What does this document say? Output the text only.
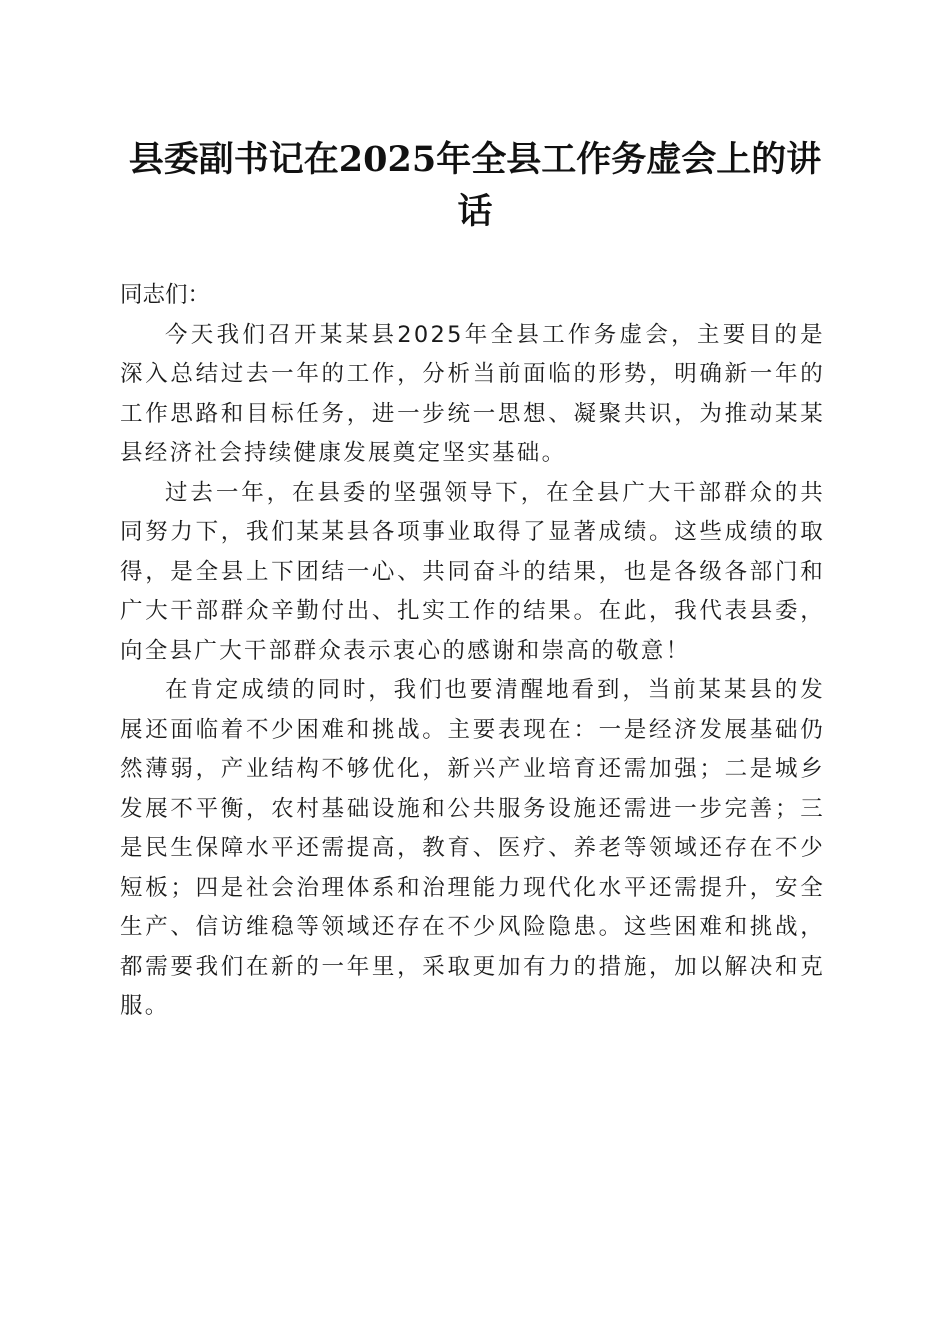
县委副书记在2025年全县工作务虚会上的讲话

同志们：

今天我们召开某某县2025年全县工作务虚会，主要目的是深入总结过去一年的工作，分析当前面临的形势，明确新一年的工作思路和目标任务，进一步统一思想、凝聚共识，为推动某某县经济社会持续健康发展奠定坚实基础。

过去一年，在县委的坚强领导下，在全县广大干部群众的共同努力下，我们某某县各项事业取得了显著成绩。这些成绩的取得，是全县上下团结一心、共同奋斗的结果，也是各级各部门和广大干部群众辛勤付出、扎实工作的结果。在此，我代表县委，向全县广大干部群众表示衷心的感谢和崇高的敬意！

在肯定成绩的同时，我们也要清醒地看到，当前某某县的发展还面临着不少困难和挑战。主要表现在：一是经济发展基础仍然薄弱，产业结构不够优化，新兴产业培育还需加强；二是城乡发展不平衡，农村基础设施和公共服务设施还需进一步完善；三是民生保障水平还需提高，教育、医疗、养老等领域还存在不少短板；四是社会治理体系和治理能力现代化水平还需提升，安全生产、信访维稳等领域还存在不少风险隐患。这些困难和挑战，都需要我们在新的一年里，采取更加有力的措施，加以解决和克服。
